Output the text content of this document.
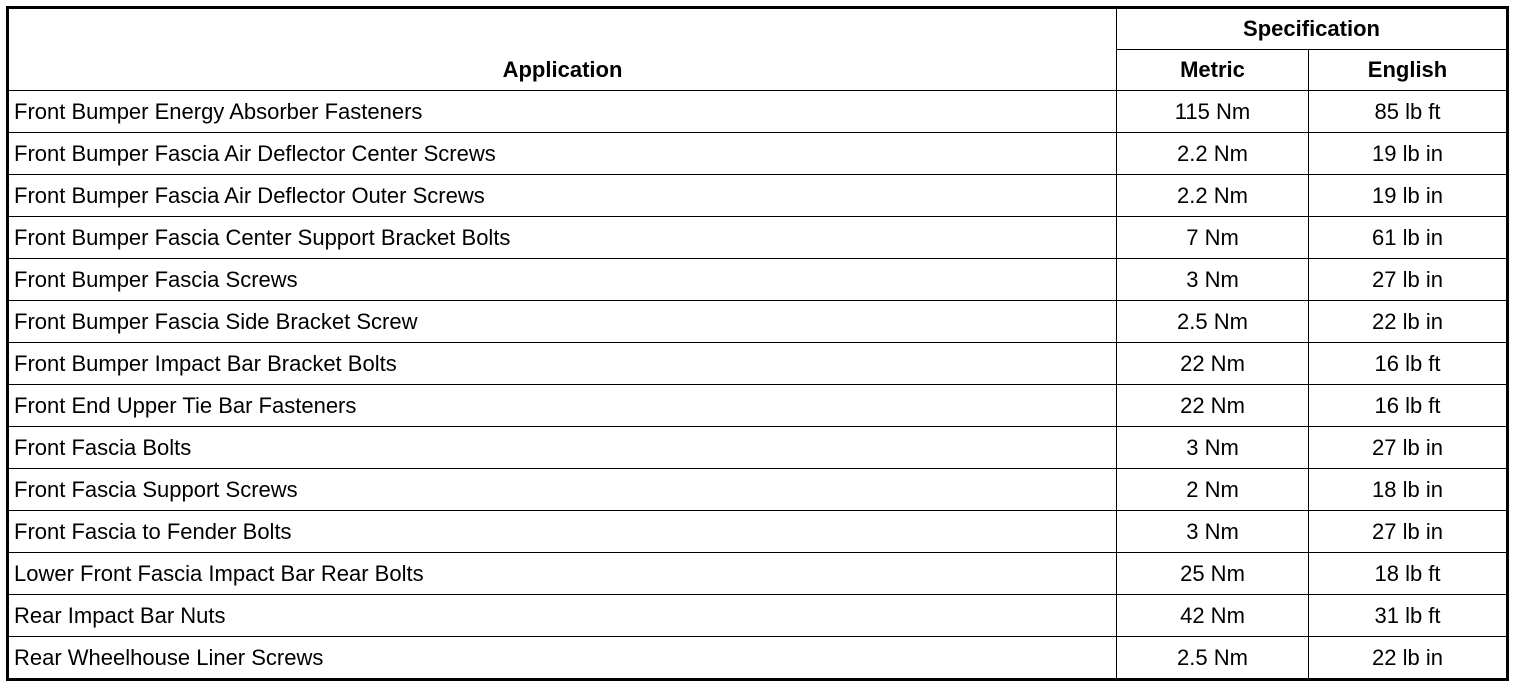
Application	Specification	
	Metric	English
Front Bumper Energy Absorber Fasteners	115 Nm	85 lb ft
Front Bumper Fascia Air Deflector Center Screws	2.2 Nm	19 lb in
Front Bumper Fascia Air Deflector Outer Screws	2.2 Nm	19 lb in
Front Bumper Fascia Center Support Bracket Bolts	7 Nm	61 lb in
Front Bumper Fascia Screws	3 Nm	27 lb in
Front Bumper Fascia Side Bracket Screw	2.5 Nm	22 lb in
Front Bumper Impact Bar Bracket Bolts	22 Nm	16 lb ft
Front End Upper Tie Bar Fasteners	22 Nm	16 lb ft
Front Fascia Bolts	3 Nm	27 lb in
Front Fascia Support Screws	2 Nm	18 lb in
Front Fascia to Fender Bolts	3 Nm	27 lb in
Lower Front Fascia Impact Bar Rear Bolts	25 Nm	18 lb ft
Rear Impact Bar Nuts	42 Nm	31 lb ft
Rear Wheelhouse Liner Screws	2.5 Nm	22 lb in
